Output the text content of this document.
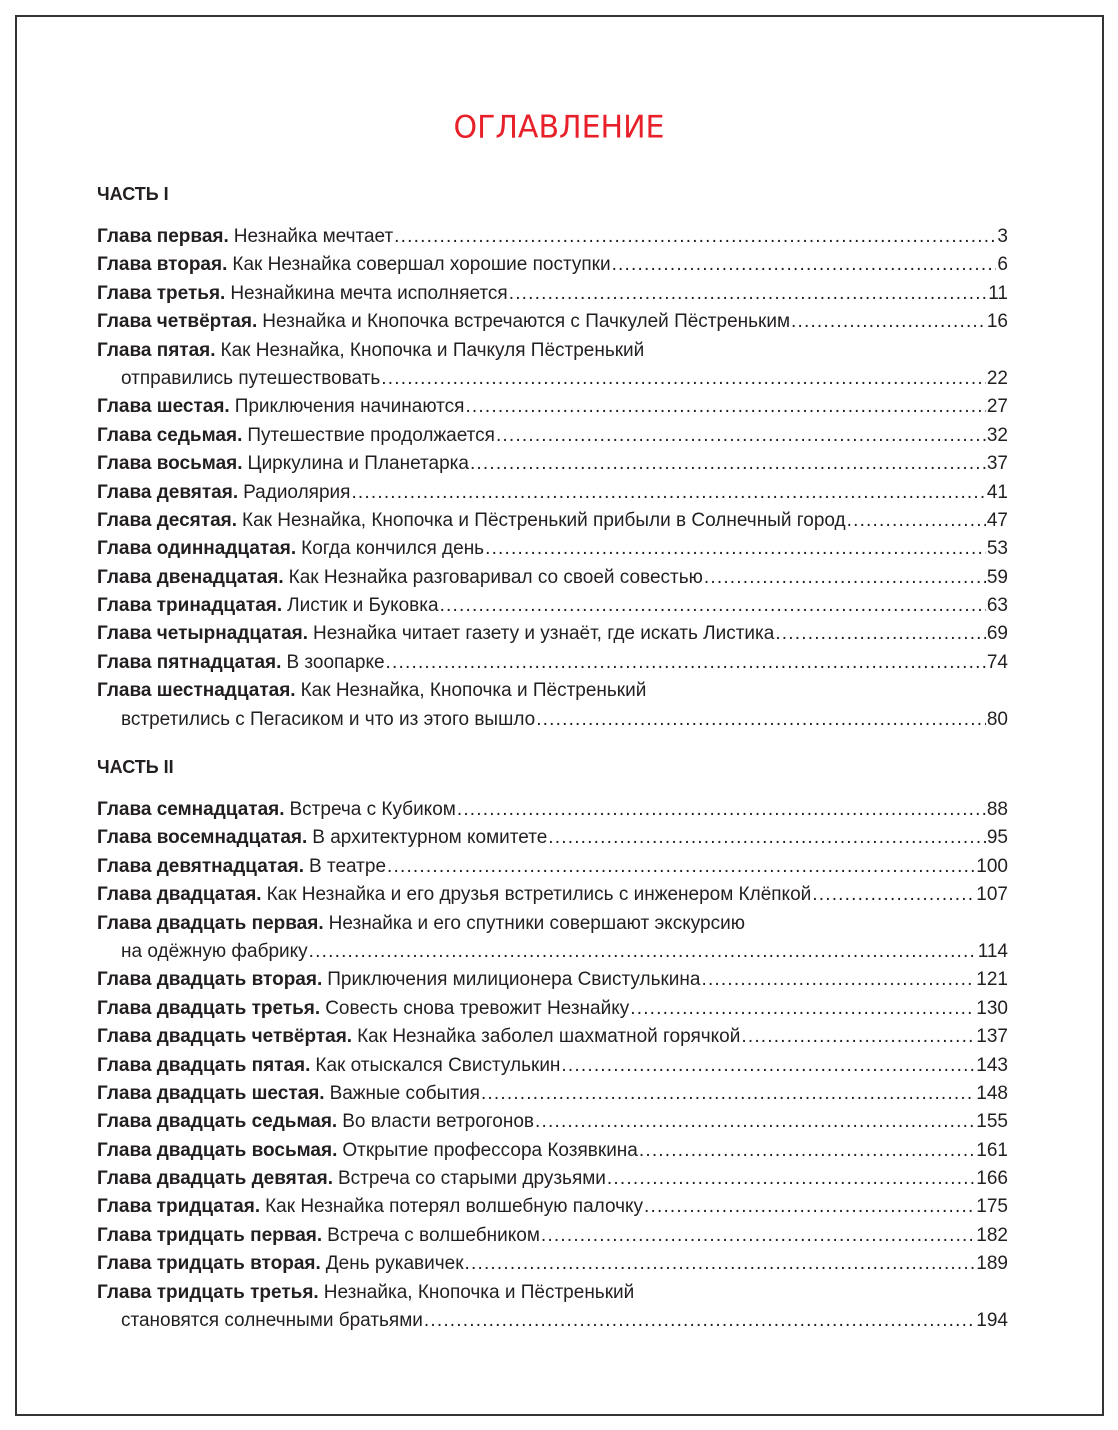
ОГЛАВЛЕНИЕ
ЧАСТЬ I
Глава первая. Незнайка мечтает .....	3
Глава вторая. Как Незнайка совершал хорошие поступки .....	6
Глава третья. Незнайкина мечта исполняется .....	11
Глава четвёртая. Незнайка и Кнопочка встречаются с Пачкулей Пёстреньким .....	16
Глава пятая. Как Незнайка, Кнопочка и Пачкуля Пёстренький
отправились путешествовать .....	22
Глава шестая. Приключения начинаются .....	27
Глава седьмая. Путешествие продолжается .....	32
Глава восьмая. Циркулина и Планетарка .....	37
Глава девятая. Радиолярия .....	41
Глава десятая. Как Незнайка, Кнопочка и Пёстренький прибыли в Солнечный город .....	47
Глава одиннадцатая. Когда кончился день .....	53
Глава двенадцатая. Как Незнайка разговаривал со своей совестью .....	59
Глава тринадцатая. Листик и Буковка .....	63
Глава четырнадцатая. Незнайка читает газету и узнаёт, где искать Листика .....	69
Глава пятнадцатая. В зоопарке .....	74
Глава шестнадцатая. Как Незнайка, Кнопочка и Пёстренький
встретились с Пегасиком и что из этого вышло .....	80
ЧАСТЬ II
Глава семнадцатая. Встреча с Кубиком .....	88
Глава восемнадцатая. В архитектурном комитете .....	95
Глава девятнадцатая. В театре .....	100
Глава двадцатая. Как Незнайка и его друзья встретились с инженером Клёпкой .....	107
Глава двадцать первая. Незнайка и его спутники совершают экскурсию
на одёжную фабрику .....	114
Глава двадцать вторая. Приключения милиционера Свистулькина .....	121
Глава двадцать третья. Совесть снова тревожит Незнайку .....	130
Глава двадцать четвёртая. Как Незнайка заболел шахматной горячкой .....	137
Глава двадцать пятая. Как отыскался Свистулькин .....	143
Глава двадцать шестая. Важные события .....	148
Глава двадцать седьмая. Во власти ветрогонов .....	155
Глава двадцать восьмая. Открытие профессора Козявкина .....	161
Глава двадцать девятая. Встреча со старыми друзьями .....	166
Глава тридцатая. Как Незнайка потерял волшебную палочку .....	175
Глава тридцать первая. Встреча с волшебником .....	182
Глава тридцать вторая. День рукавичек .....	189
Глава тридцать третья. Незнайка, Кнопочка и Пёстренький
становятся солнечными братьями .....	194
